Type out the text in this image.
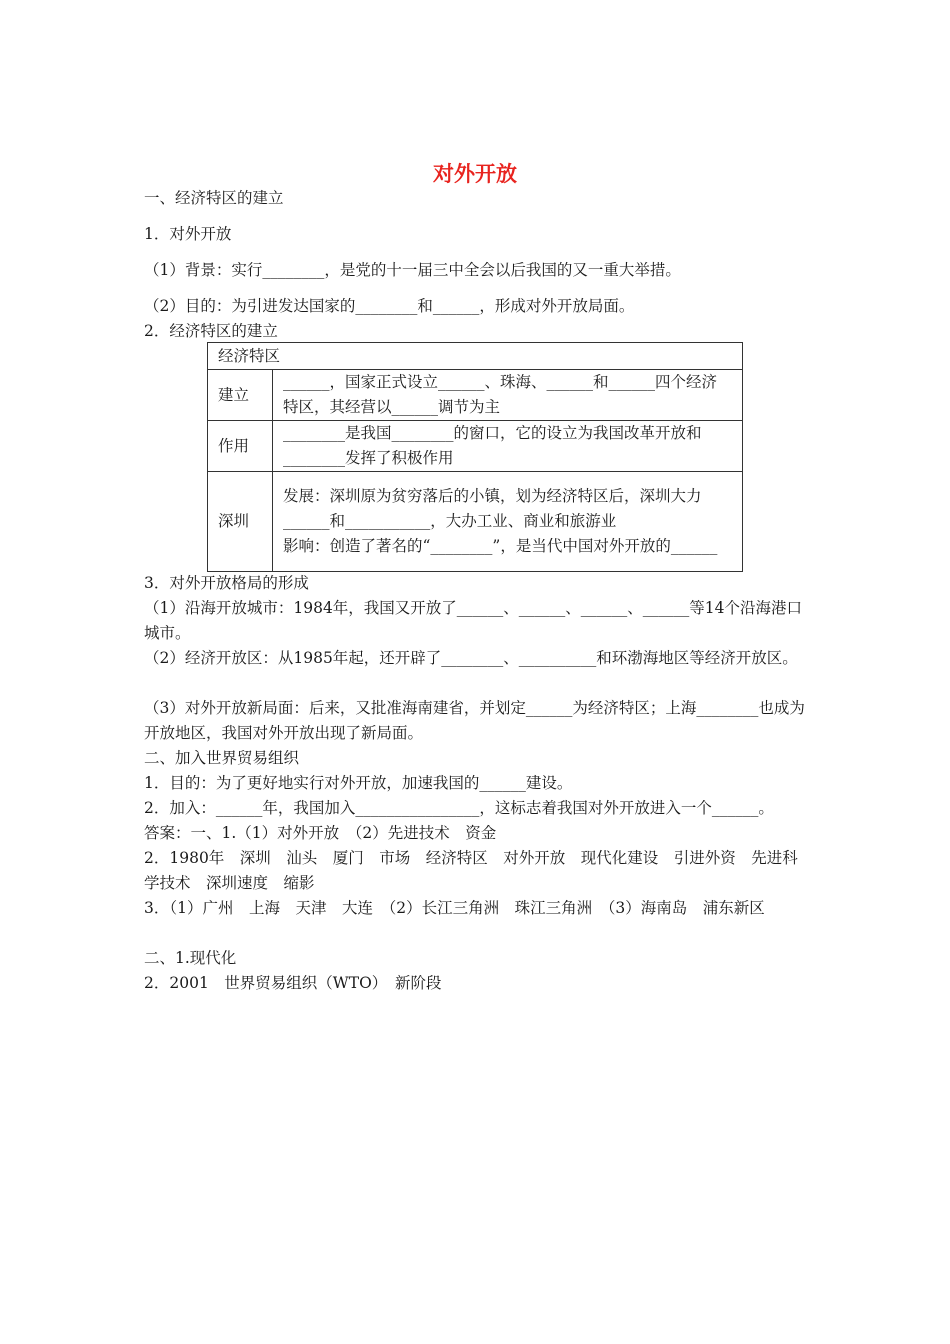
对外开放
一、经济特区的建立
1．对外开放
（1）背景：实行________，是党的十一届三中全会以后我国的又一重大举措。
（2）目的：为引进发达国家的________和______，形成对外开放局面。
2．经济特区的建立
经济特区	
建立	______，国家正式设立______、珠海、______和______四个经济特区，其经营以______调节为主
作用	________是我国________的窗口，它的设立为我国改革开放和________发挥了积极作用
深圳	发展：深圳原为贫穷落后的小镇，划为经济特区后，深圳大力______和___________，大办工业、商业和旅游业
影响：创造了著名的“________”，是当代中国对外开放的______
3．对外开放格局的形成
（1）沿海开放城市：1984年，我国又开放了______、______、______、______等14个沿海港口城市。
（2）经济开放区：从1985年起，还开辟了________、__________和环渤海地区等经济开放区。
（3）对外开放新局面：后来，又批准海南建省，并划定______为经济特区；上海________也成为开放地区，我国对外开放出现了新局面。
二、加入世界贸易组织
1．目的：为了更好地实行对外开放，加速我国的______建设。
2．加入：______年，我国加入________________，这标志着我国对外开放进入一个______。
答案：一、1.（1）对外开放　（2）先进技术　资金
2．1980年　深圳　汕头　厦门　市场　经济特区　对外开放　现代化建设　引进外资　先进科学技术　深圳速度　缩影
3．（1）广州　上海　天津　大连　（2）长江三角洲　珠江三角洲　（3）海南岛　浦东新区
二、1.现代化
2．2001　世界贸易组织（WTO）　新阶段
